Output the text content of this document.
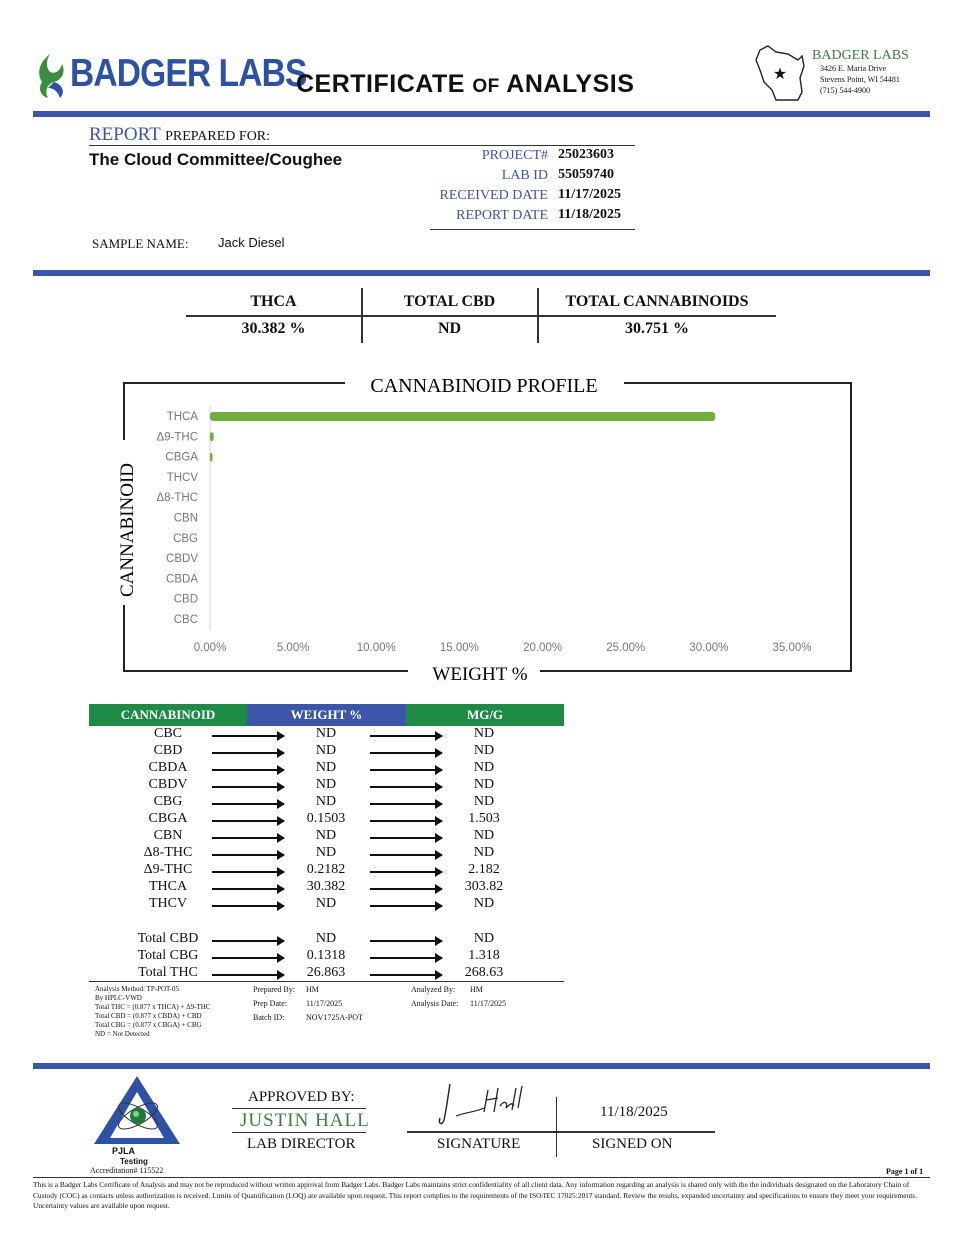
BADGER LABS
CERTIFICATE OF ANALYSIS	★
BADGER LABS
3426 E. Maria Drive
Stevens Point, WI 54481
(715) 544-4900
REPORT PREPARED FOR:
The Cloud Committee/Coughee	PROJECT# 25023603
LAB ID 55059740
RECEIVED DATE 11/17/2025
REPORT DATE 11/18/2025
SAMPLE NAME: Jack Diesel
THCA	TOTAL CBD	TOTAL CANNABINOIDS
30.382 %	ND	30.751 %
CANNABINOID PROFILE
WEIGHT %
CANNABINOID
THCA
Δ9-THC
CBGA
THCV
Δ8-THC
CBN
CBG
CBDV
CBDA
CBD
CBC
0.00%	5.00%	10.00%	15.00%	20.00%	25.00%	30.00%	35.00%
CANNABINOID	WEIGHT %	MG/G
CBC	ND	ND
CBD	ND	ND
CBDA	ND	ND
CBDV	ND	ND
CBG	ND	ND
CBGA	0.1503	1.503
CBN	ND	ND
Δ8-THC	ND	ND
Δ9-THC	0.2182	2.182
THCA	30.382	303.82
THCV	ND	ND
Total CBD	ND	ND
Total CBG	0.1318	1.318
Total THC	26.863	268.63
Analysis Method: TP-POT-05
By HPLC-VWD
Total THC = (0.877 x THCA) + Δ9-THC
Total CBD = (0.877 x CBDA) + CBD
Total CBG = (0.877 x CBGA) + CBG
ND = Not Detected
Prepared By: HM
Prep Date: 11/17/2025
Batch ID:	NOV1725A-POT
Analyzed By: HM
Analysis Date: 11/17/2025
PJLA
Testing
Accreditation# 115522
APPROVED BY:
JUSTIN HALL
LAB DIRECTOR	SIGNATURE
11/18/2025
SIGNED ON
Page 1 of 1
This is a Badger Labs Certificate of Analysis and may not be reproduced without written approval from Badger Labs. Badger Labs maintains strict confidentiality of all client data. Any information regarding an analysis is shared only with the the individuals designated on the Laboratory Chain of Custody (COC) as contacts unless authorization is received. Limits of Quantification (LOQ) are available upon request. This report complies to the requirements of the ISO/IEC 17025:2017 standard. Review the results, expanded uncertainty and specifications to ensure they meet your requirements. Uncertainty values are available upon request.
